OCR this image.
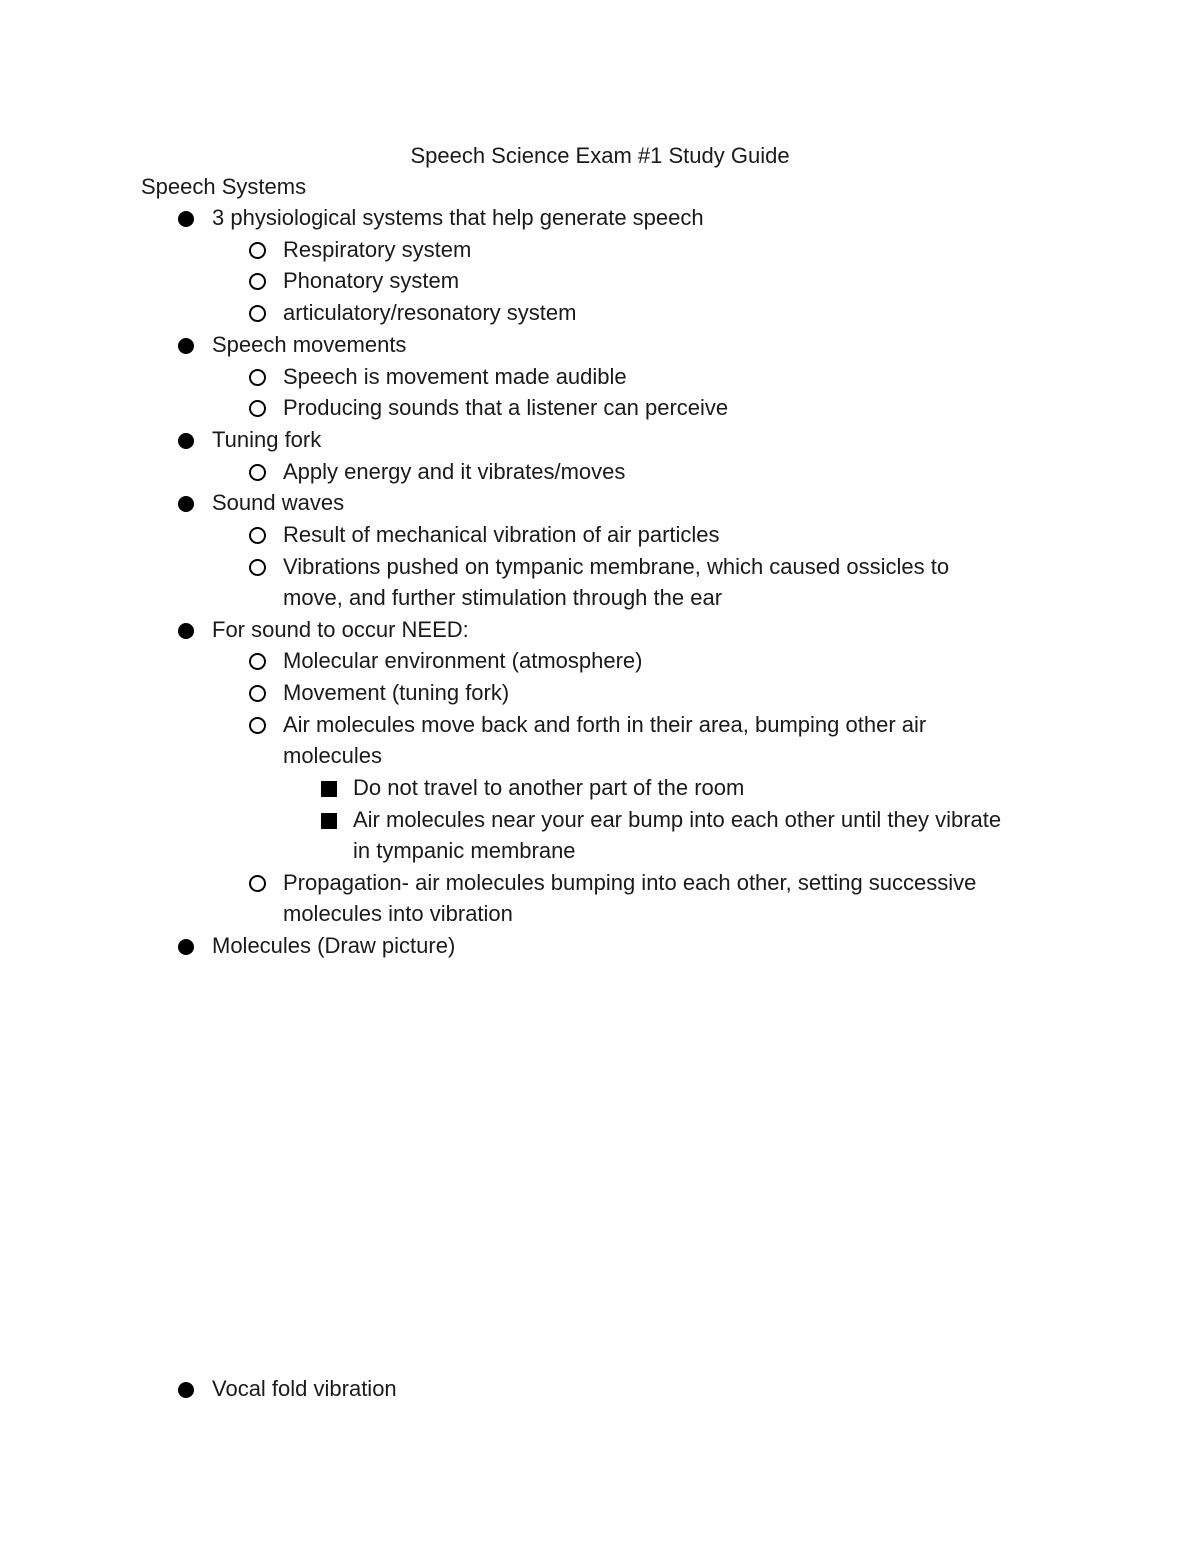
Speech Science Exam #1 Study Guide
Speech Systems
3 physiological systems that help generate speech
Respiratory system
Phonatory system
articulatory/resonatory system
Speech movements
Speech is movement made audible
Producing sounds that a listener can perceive
Tuning fork
Apply energy and it vibrates/moves
Sound waves
Result of mechanical vibration of air particles
Vibrations pushed on tympanic membrane, which caused ossicles to
move, and further stimulation through the ear
For sound to occur NEED:
Molecular environment (atmosphere)
Movement (tuning fork)
Air molecules move back and forth in their area, bumping other air
molecules
Do not travel to another part of the room
Air molecules near your ear bump into each other until they vibrate
in tympanic membrane
Propagation- air molecules bumping into each other, setting successive
molecules into vibration
Molecules (Draw picture)
Vocal fold vibration
